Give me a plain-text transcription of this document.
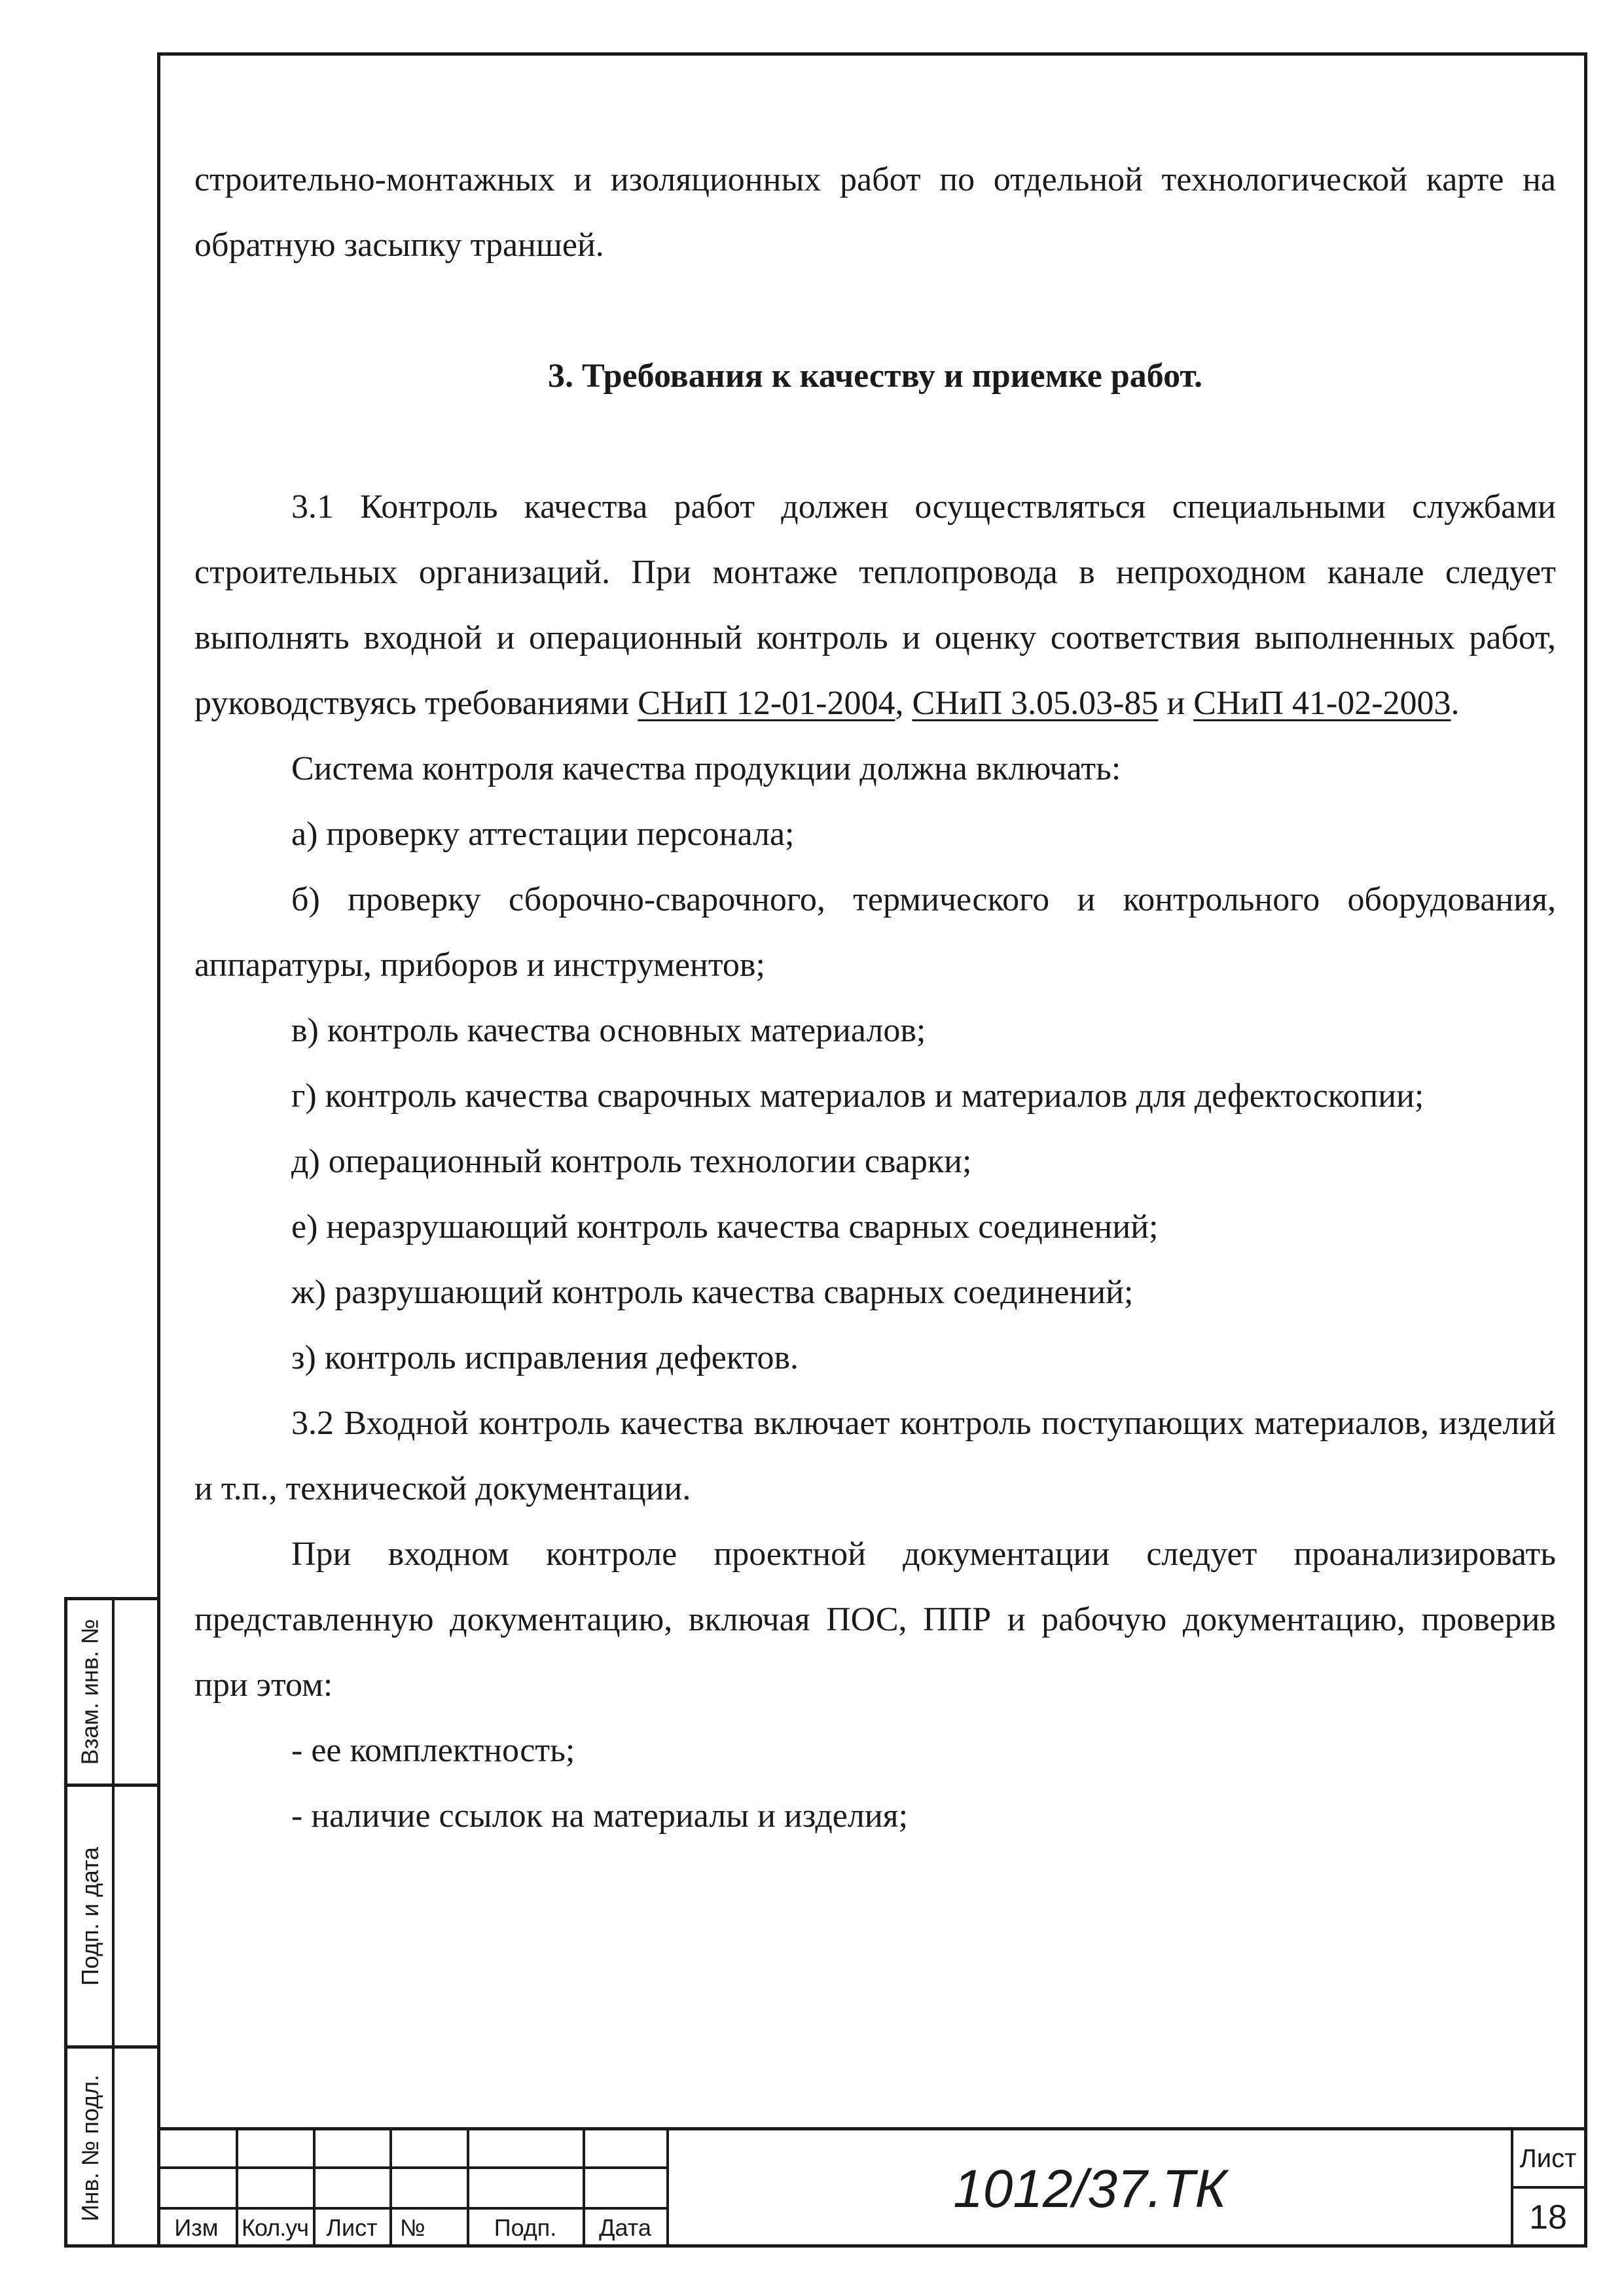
строительно-монтажных и изоляционных работ по отдельной технологической карте на обратную засыпку траншей.

3. Требования к качеству и приемке работ.

3.1 Контроль качества работ должен осуществляться специальными службами строительных организаций. При монтаже теплопровода в непроходном канале следует выполнять входной и операционный контроль и оценку соответствия выполненных работ, руководствуясь требованиями СНиП 12-01-2004, СНиП 3.05.03-85 и СНиП 41-02-2003.

Система контроля качества продукции должна включать:

а) проверку аттестации персонала;

б) проверку сборочно-сварочного, термического и контрольного оборудования, аппаратуры, приборов и инструментов;

в) контроль качества основных материалов;

г) контроль качества сварочных материалов и материалов для дефектоскопии;

д) операционный контроль технологии сварки;

е) неразрушающий контроль качества сварных соединений;

ж) разрушающий контроль качества сварных соединений;

з) контроль исправления дефектов.

3.2 Входной контроль качества включает контроль поступающих материалов, изделий и т.п., технической документации.

При входном контроле проектной документации следует проанализировать представленную документацию, включая ПОС, ППР и рабочую документацию, проверив при этом:

- ее комплектность;

- наличие ссылок на материалы и изделия;

Взам. инв. №
Подп. и дата
Инв. № подл.
Изм Кол.уч Лист №	Подп.	Дата
1012/37.ТК
Лист
18
